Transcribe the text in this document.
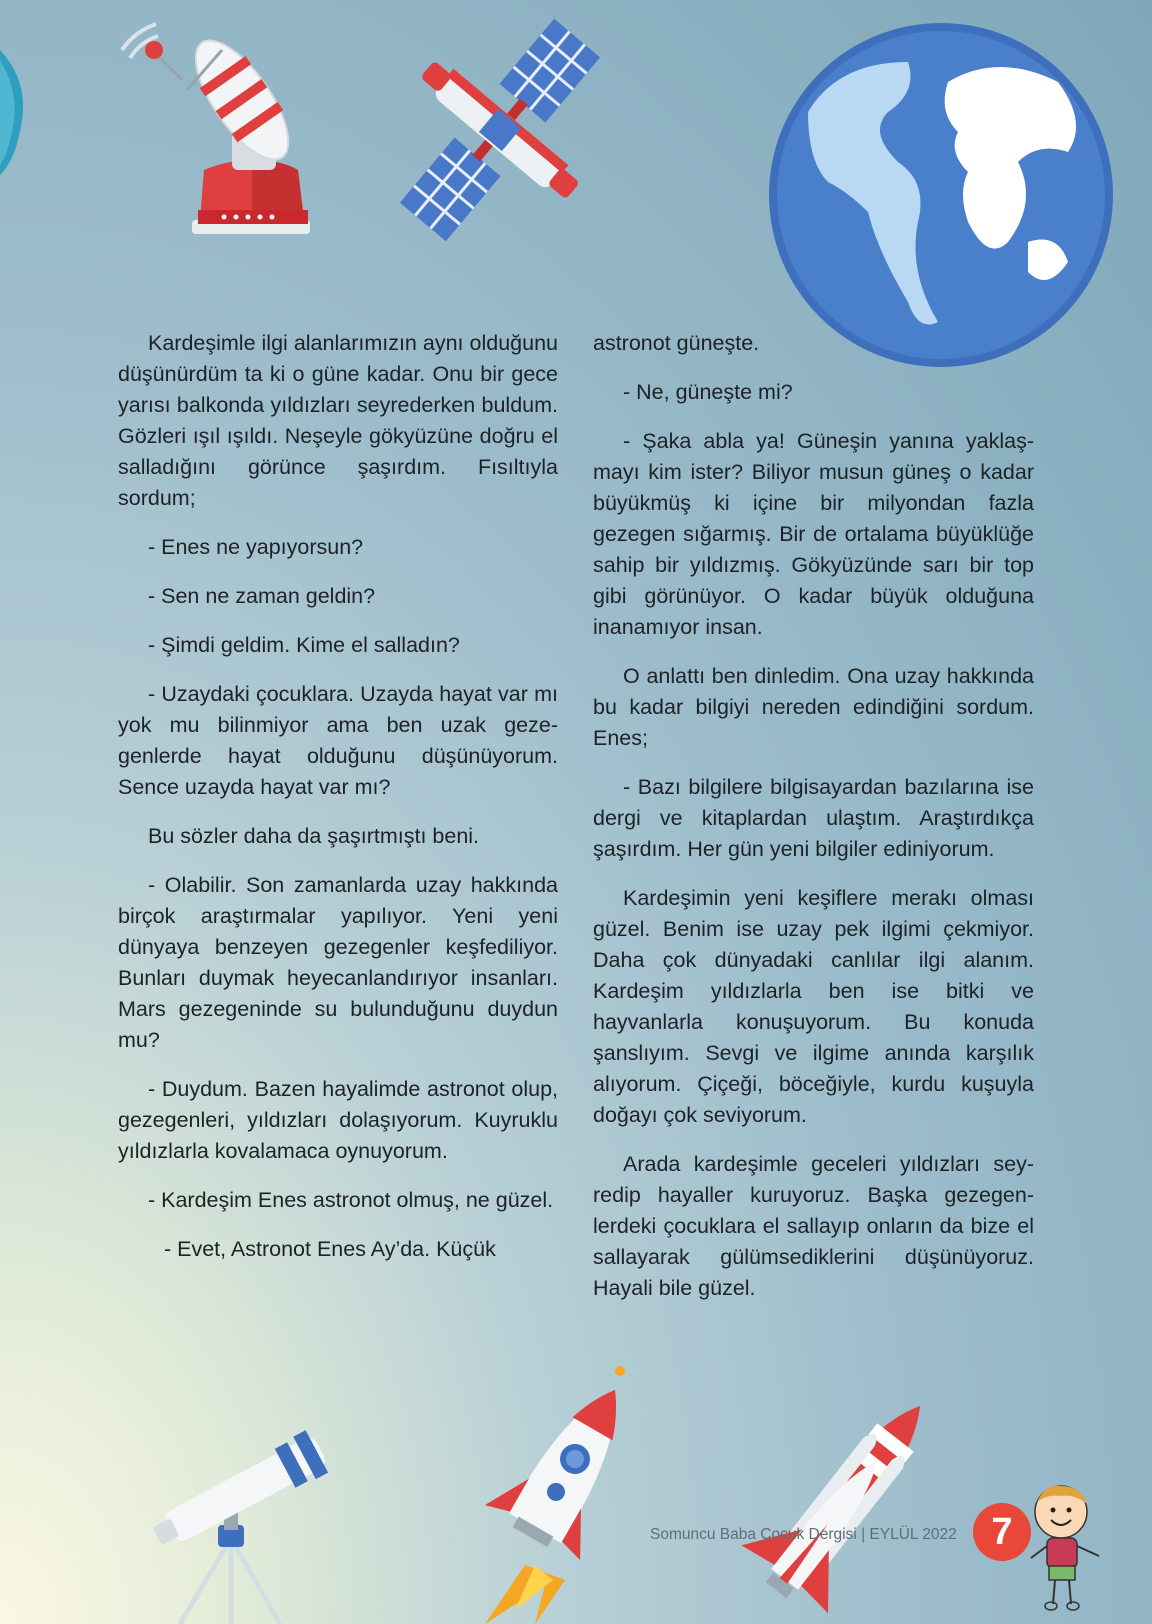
Kardeşimle ilgi alanlarımızın aynı olduğunu düşünürdüm ta ki o güne kadar. Onu bir gece yarısı balkonda yıldızları seyrederken buldum. Gözleri ışıl ışıldı. Neşeyle gökyüzüne doğru el salladığını görünce şaşırdım. Fısıltıyla sordum;

- Enes ne yapıyorsun?

- Sen ne zaman geldin?

- Şimdi geldim. Kime el salladın?

- Uzaydaki çocuklara. Uzayda hayat var mı yok mu bilinmiyor ama ben uzak gezegenlerde hayat olduğunu düşünüyorum. Sence uzayda hayat var mı?

Bu sözler daha da şaşırtmıştı beni.

- Olabilir. Son zamanlarda uzay hakkında birçok araştırmalar yapılıyor. Yeni yeni dünyaya benzeyen gezegenler keşfediliyor. Bunları duymak heyecanlandırıyor insanları. Mars gezegeninde su bulunduğunu duydun mu?

- Duydum. Bazen hayalimde astronot olup, gezegenleri, yıldızları dolaşıyorum. Kuyruklu yıldızlarla kovalamaca oynuyorum.

- Kardeşim Enes astronot olmuş, ne güzel.

- Evet, Astronot Enes Ay’da. Küçük

astronot güneşte.

- Ne, güneşte mi?

- Şaka abla ya! Güneşin yanına yaklaşmayı kim ister? Biliyor musun güneş o kadar büyükmüş ki içine bir milyondan fazla gezegen sığarmış. Bir de ortalama büyüklüğe sahip bir yıldızmış. Gökyüzünde sarı bir top gibi görünüyor. O kadar büyük olduğuna inanamıyor insan.

O anlattı ben dinledim. Ona uzay hakkında bu kadar bilgiyi nereden edindiğini sordum. Enes;

- Bazı bilgilere bilgisayardan bazılarına ise dergi ve kitaplardan ulaştım. Araştırdıkça şaşırdım. Her gün yeni bilgiler ediniyorum.

Kardeşimin yeni keşiflere merakı olması güzel. Benim ise uzay pek ilgimi çekmiyor. Daha çok dünyadaki canlılar ilgi alanım. Kardeşim yıldızlarla ben ise bitki ve hayvanlarla konuşuyorum. Bu konuda şanslıyım. Sevgi ve ilgime anında karşılık alıyorum. Çiçeği, böceğiyle, kurdu kuşuyla doğayı çok seviyorum.

Arada kardeşimle geceleri yıldızları seyredip hayaller kuruyoruz. Başka gezegenlerdeki çocuklara el sallayıp onların da bize el sallayarak gülümsediklerini düşünüyoruz. Hayali bile güzel.

Somuncu Baba Çocuk Dergisi | EYLÜL 2022 7
